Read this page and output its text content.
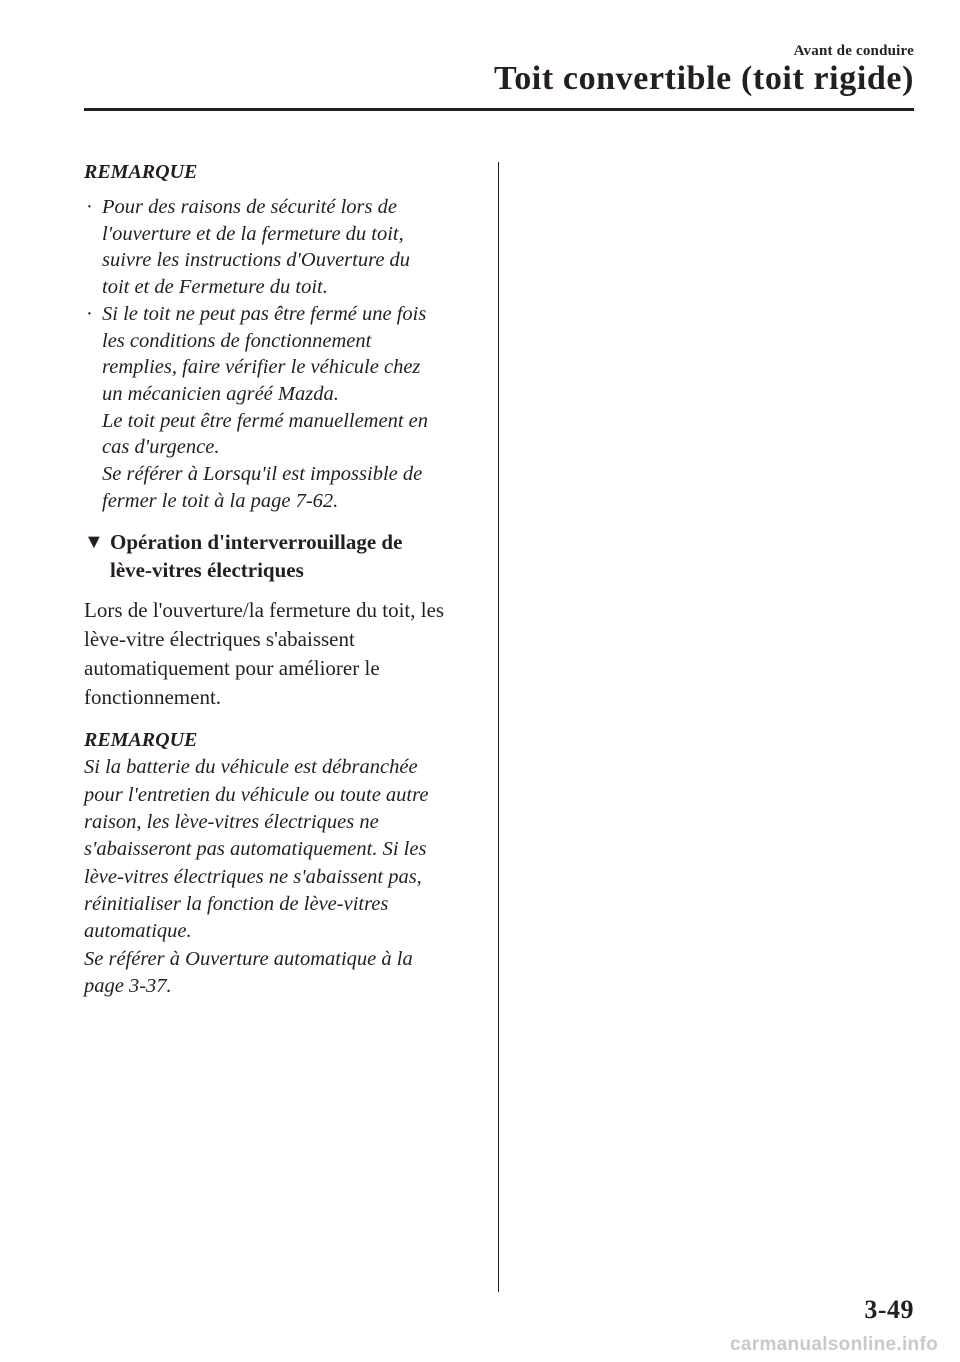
Avant de conduire
Toit convertible (toit rigide)
REMARQUE
· Pour des raisons de sécurité lors de
l'ouverture et de la fermeture du toit,
suivre les instructions d'Ouverture du
toit et de Fermeture du toit.
· Si le toit ne peut pas être fermé une fois
les conditions de fonctionnement
remplies, faire vérifier le véhicule chez
un mécanicien agréé Mazda.
Le toit peut être fermé manuellement en
cas d'urgence.
Se référer à Lorsqu'il est impossible de
fermer le toit à la page 7-62.
▼ Opération d'interverrouillage de
lève-vitres électriques
Lors de l'ouverture/la fermeture du toit, les
lève-vitre électriques s'abaissent
automatiquement pour améliorer le
fonctionnement.
REMARQUE
Si la batterie du véhicule est débranchée
pour l'entretien du véhicule ou toute autre
raison, les lève-vitres électriques ne
s'abaisseront pas automatiquement. Si les
lève-vitres électriques ne s'abaissent pas,
réinitialiser la fonction de lève-vitres
automatique.
Se référer à Ouverture automatique à la
page 3-37.
3-49
carmanualsonline.info
